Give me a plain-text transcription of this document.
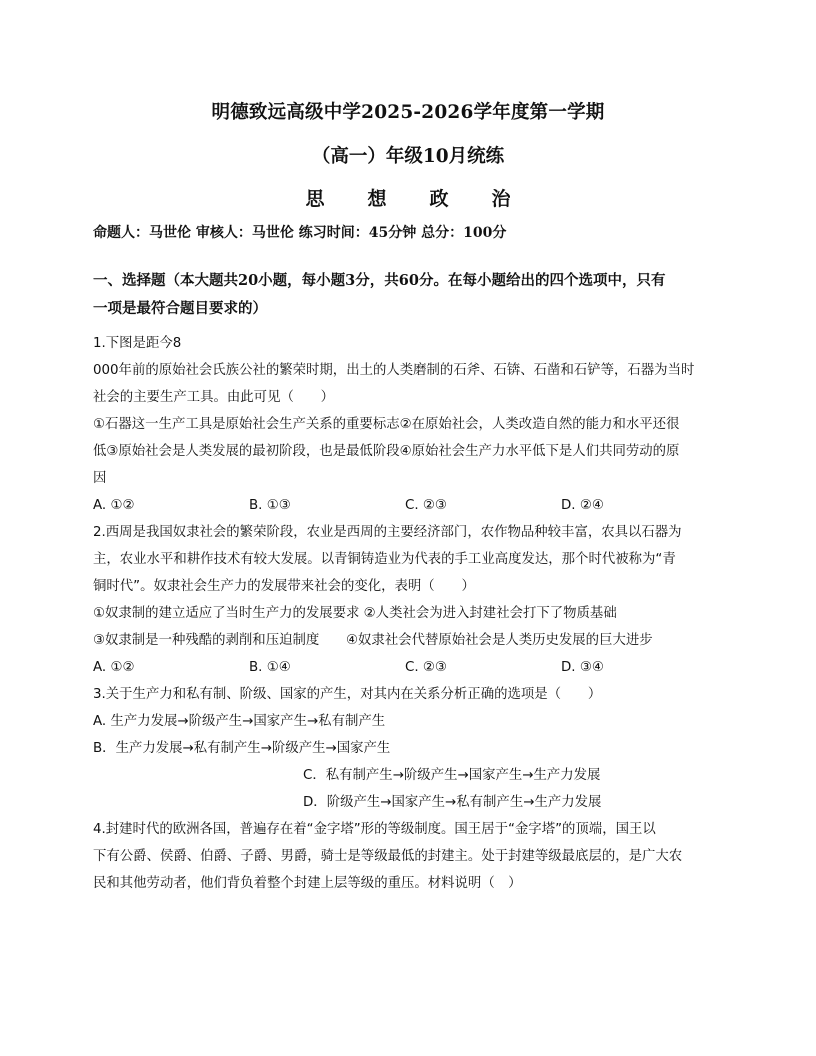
明德致远高级中学2025-2026学年度第一学期
（高一）年级10月统练
思	想	政	治
命题人：马世伦 审核人：马世伦 练习时间：45分钟 总分：100分
一、选择题（本大题共20小题，每小题3分，共60分。在每小题给出的四个选项中，只有
一项是最符合题目要求的）
1.下图是距今8
000年前的原始社会氏族公社的繁荣时期，出土的人类磨制的石斧、石锛、石凿和石铲等，石器为当时
社会的主要生产工具。由此可见（　　）
①石器这一生产工具是原始社会生产关系的重要标志②在原始社会，人类改造自然的能力和水平还很
低③原始社会是人类发展的最初阶段，也是最低阶段④原始社会生产力水平低下是人们共同劳动的原
因
A. ①②	B. ①③	C. ②③	D. ②④
2.西周是我国奴隶社会的繁荣阶段，农业是西周的主要经济部门，农作物品种较丰富，农具以石器为
主，农业水平和耕作技术有较大发展。以青铜铸造业为代表的手工业高度发达，那个时代被称为“青
铜时代”。奴隶社会生产力的发展带来社会的变化，表明（　　）
①奴隶制的建立适应了当时生产力的发展要求 ②人类社会为进入封建社会打下了物质基础
③奴隶制是一种残酷的剥削和压迫制度　　④奴隶社会代替原始社会是人类历史发展的巨大进步
A. ①②	B. ①④	C. ②③	D. ③④
3.关于生产力和私有制、阶级、国家的产生，对其内在关系分析正确的选项是（　　）
A. 生产力发展→阶级产生→国家产生→私有制产生
B．生产力发展→私有制产生→阶级产生→国家产生
C．私有制产生→阶级产生→国家产生→生产力发展
D．阶级产生→国家产生→私有制产生→生产力发展
4.封建时代的欧洲各国，普遍存在着“金字塔”形的等级制度。国王居于“金字塔”的顶端，国王以
下有公爵、侯爵、伯爵、子爵、男爵，骑士是等级最低的封建主。处于封建等级最底层的，是广大农
民和其他劳动者，他们背负着整个封建上层等级的重压。材料说明（　）
